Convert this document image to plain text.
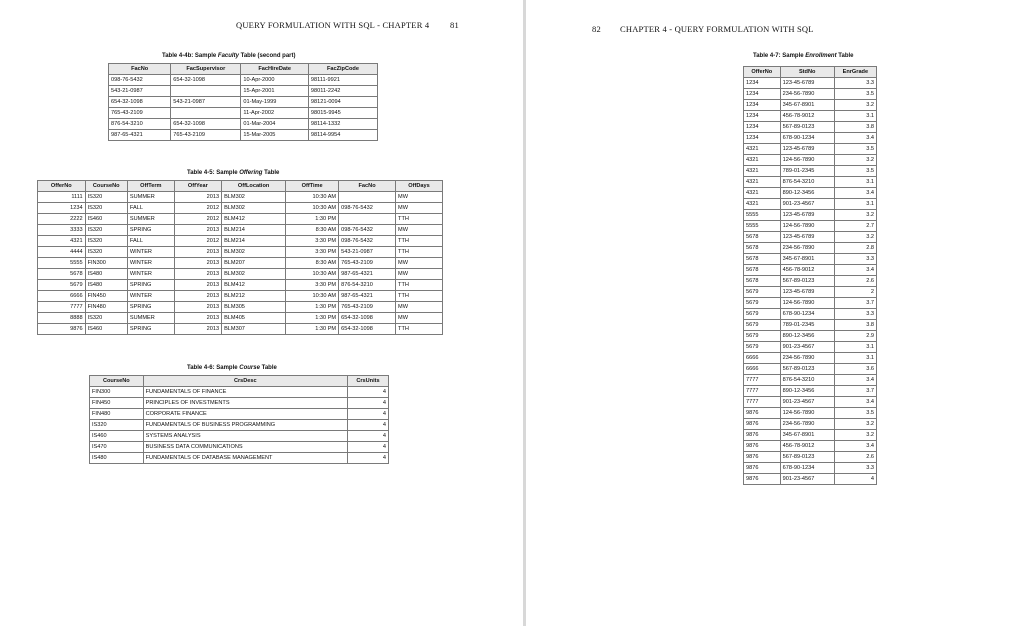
QUERY FORMULATION WITH SQL - CHAPTER 4 81
Table 4-4b: Sample Faculty Table (second part)
FacNo	FacSupervisor	FacHireDate	FacZipCode
098-76-5432	654-32-1098	10-Apr-2000	98111-9921
543-21-0987		15-Apr-2001	98011-2242
654-32-1098	543-21-0987	01-May-1999	98121-0094
765-43-2109		11-Apr-2002	98015-9945
876-54-3210	654-32-1098	01-Mar-2004	98114-1332
987-65-4321	765-43-2109	15-Mar-2005	98114-9954
Table 4-5: Sample Offering Table
OfferNo	CourseNo	OffTerm	OffYear	OffLocation	OffTime	FacNo	OffDays
1111	IS320	SUMMER	2013	BLM302	10:30 AM		MW
1234	IS320	FALL	2012	BLM302	10:30 AM	098-76-5432	MW
2222	IS460	SUMMER	2012	BLM412	1:30 PM		TTH
3333	IS320	SPRING	2013	BLM214	8:30 AM	098-76-5432	MW
4321	IS320	FALL	2012	BLM214	3:30 PM	098-76-5432	TTH
4444	IS320	WINTER	2013	BLM302	3:30 PM	543-21-0987	TTH
5555	FIN300	WINTER	2013	BLM207	8:30 AM	765-43-2109	MW
5678	IS480	WINTER	2013	BLM302	10:30 AM	987-65-4321	MW
5679	IS480	SPRING	2013	BLM412	3:30 PM	876-54-3210	TTH
6666	FIN450	WINTER	2013	BLM212	10:30 AM	987-65-4321	TTH
7777	FIN480	SPRING	2013	BLM305	1:30 PM	765-43-2109	MW
8888	IS320	SUMMER	2013	BLM405	1:30 PM	654-32-1098	MW
9876	IS460	SPRING	2013	BLM307	1:30 PM	654-32-1098	TTH
Table 4-6: Sample Course Table
CourseNo	CrsDesc	CrsUnits
FIN300	FUNDAMENTALS OF FINANCE	4
FIN450	PRINCIPLES OF INVESTMENTS	4
FIN480	CORPORATE FINANCE	4
IS320	FUNDAMENTALS OF BUSINESS PROGRAMMING	4
IS460	SYSTEMS ANALYSIS	4
IS470	BUSINESS DATA COMMUNICATIONS	4
IS480	FUNDAMENTALS OF DATABASE MANAGEMENT	4
82 CHAPTER 4 - QUERY FORMULATION WITH SQL
Table 4-7: Sample Enrollment Table
OfferNo	StdNo	EnrGrade
1234	123-45-6789	3.3
1234	234-56-7890	3.5
1234	345-67-8901	3.2
1234	456-78-9012	3.1
1234	567-89-0123	3.8
1234	678-90-1234	3.4
4321	123-45-6789	3.5
4321	124-56-7890	3.2
4321	789-01-2345	3.5
4321	876-54-3210	3.1
4321	890-12-3456	3.4
4321	901-23-4567	3.1
5555	123-45-6789	3.2
5555	124-56-7890	2.7
5678	123-45-6789	3.2
5678	234-56-7890	2.8
5678	345-67-8901	3.3
5678	456-78-9012	3.4
5678	567-89-0123	2.6
5679	123-45-6789	2
5679	124-56-7890	3.7
5679	678-90-1234	3.3
5679	789-01-2345	3.8
5679	890-12-3456	2.9
5679	901-23-4567	3.1
6666	234-56-7890	3.1
6666	567-89-0123	3.6
7777	876-54-3210	3.4
7777	890-12-3456	3.7
7777	901-23-4567	3.4
9876	124-56-7890	3.5
9876	234-56-7890	3.2
9876	345-67-8901	3.2
9876	456-78-9012	3.4
9876	567-89-0123	2.6
9876	678-90-1234	3.3
9876	901-23-4567	4
